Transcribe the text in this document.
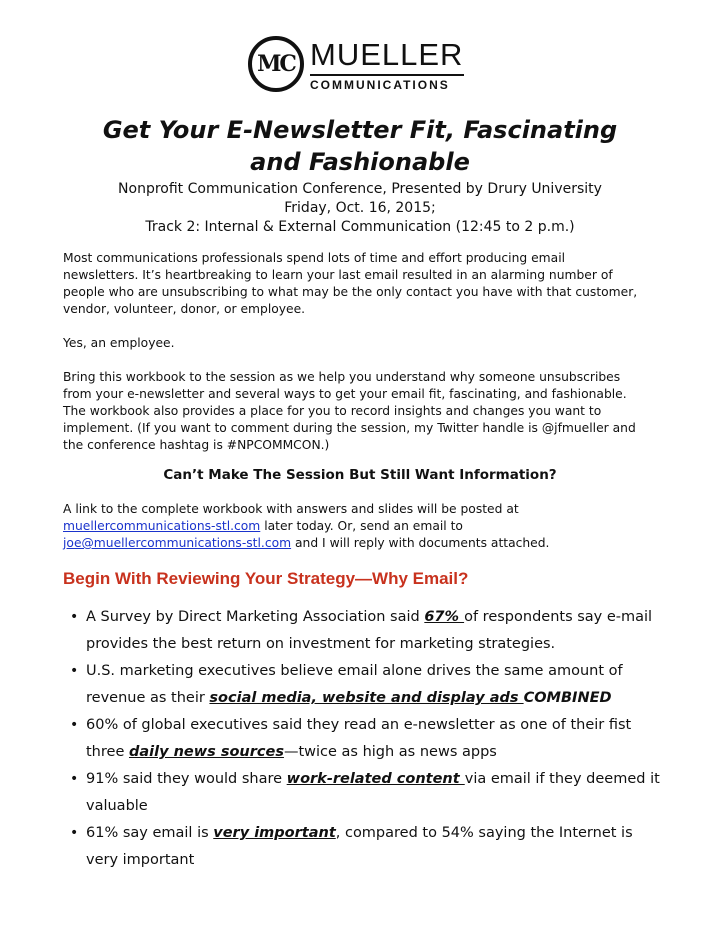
MC MUELLER
COMMUNICATIONS
Get Your E-Newsletter Fit, Fascinating
and Fashionable
Nonprofit Communication Conference, Presented by Drury University
Friday, Oct. 16, 2015;
Track 2: Internal & External Communication (12:45 to 2 p.m.)

Most communications professionals spend lots of time and effort producing email

newsletters. It’s heartbreaking to learn your last email resulted in an alarming number of

people who are unsubscribing to what may be the only contact you have with that customer,

vendor, volunteer, donor, or employee.

Yes, an employee.

Bring this workbook to the session as we help you understand why someone unsubscribes

from your e-newsletter and several ways to get your email fit, fascinating, and fashionable.

The workbook also provides a place for you to record insights and changes you want to

implement. (If you want to comment during the session, my Twitter handle is @jfmueller and

the conference hashtag is #NPCOMMCON.)

Can’t Make The Session But Still Want Information?

A link to the complete workbook with answers and slides will be posted at

muellercommunications-stl.com later today. Or, send an email to

joe@muellercommunications-stl.com and I will reply with documents attached.

Begin With Reviewing Your Strategy—Why Email?
• A Survey by Direct Marketing Association said 67% of respondents say e-mail
provides the best return on investment for marketing strategies.
• U.S. marketing executives believe email alone drives the same amount of
revenue as their social media, website and display ads COMBINED
• 60% of global executives said they read an e-newsletter as one of their fist
three daily news sources—twice as high as news apps
• 91% said they would share work-related content via email if they deemed it
valuable
• 61% say email is very important, compared to 54% saying the Internet is
very important
